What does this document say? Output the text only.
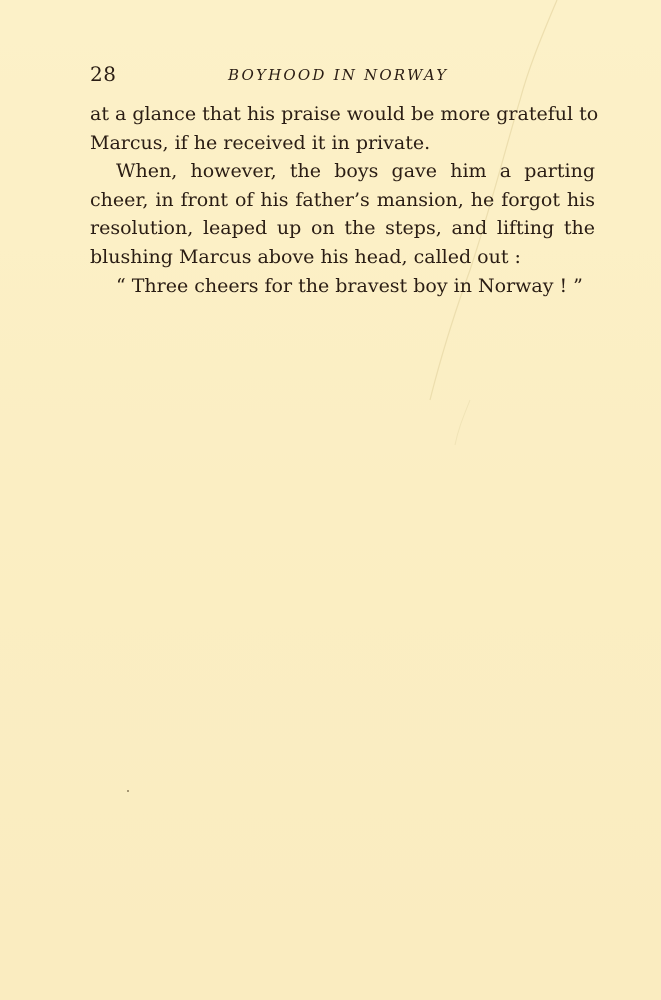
28	BOYHOOD IN NORWAY
at a glance that his praise would be more grateful to
Marcus, if he received it in private.
When, however, the boys gave him a parting
cheer, in front of his father’s mansion, he forgot his
resolution, leaped up on the steps, and lifting the
blushing Marcus above his head, called out :
“ Three cheers for the bravest boy in Norway ! ”
